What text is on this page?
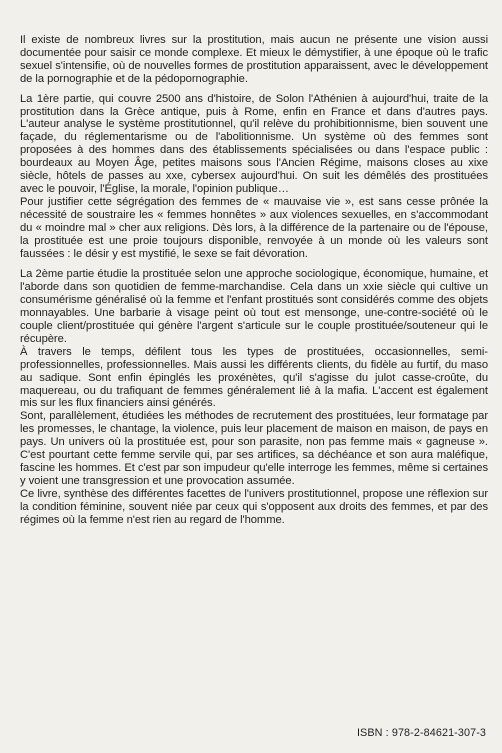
Il existe de nombreux livres sur la prostitution, mais aucun ne présente une vision aussi documentée pour saisir ce monde complexe. Et mieux le démystifier, à une époque où le trafic sexuel s'intensifie, où de nouvelles formes de prostitution apparaissent, avec le développement de la pornographie et de la pédopornographie.

La 1ère partie, qui couvre 2500 ans d'histoire, de Solon l'Athénien à aujourd'hui, traite de la prostitution dans la Grèce antique, puis à Rome, enfin en France et dans d'autres pays. L'auteur analyse le système prostitutionnel, qu'il relève du prohibitionnisme, bien souvent une façade, du réglementarisme ou de l'abolitionnisme. Un système où des femmes sont proposées à des hommes dans des établissements spécialisées ou dans l'espace public : bourdeaux au Moyen Âge, petites maisons sous l'Ancien Régime, maisons closes au xixe siècle, hôtels de passes au xxe, cybersex aujourd'hui. On suit les démêlés des prostituées avec le pouvoir, l'Église, la morale, l'opinion publique…

Pour justifier cette ségrégation des femmes de « mauvaise vie », est sans cesse prônée la nécessité de soustraire les « femmes honnêtes » aux violences sexuelles, en s'accommodant du « moindre mal » cher aux religions. Dès lors, à la différence de la partenaire ou de l'épouse, la prostituée est une proie toujours disponible, renvoyée à un monde où les valeurs sont faussées : le désir y est mystifié, le sexe se fait dévoration.

La 2ème partie étudie la prostituée selon une approche sociologique, économique, humaine, et l'aborde dans son quotidien de femme-marchandise. Cela dans un xxie siècle qui cultive un consumérisme généralisé où la femme et l'enfant prostitués sont considérés comme des objets monnayables. Une barbarie à visage peint où tout est mensonge, une-contre-société où le couple client/prostituée qui génère l'argent s'articule sur le couple prostituée/souteneur qui le récupère.

À travers le temps, défilent tous les types de prostituées, occasionnelles, semi-professionnelles, professionnelles. Mais aussi les différents clients, du fidèle au furtif, du maso au sadique. Sont enfin épinglés les proxénètes, qu'il s'agisse du julot casse-croûte, du maquereau, ou du trafiquant de femmes généralement lié à la mafia. L'accent est également mis sur les flux financiers ainsi générés.

Sont, parallèlement, étudiées les méthodes de recrutement des prostituées, leur formatage par les promesses, le chantage, la violence, puis leur placement de maison en maison, de pays en pays. Un univers où la prostituée est, pour son parasite, non pas femme mais « gagneuse ». C'est pourtant cette femme servile qui, par ses artifices, sa déchéance et son aura maléfique, fascine les hommes. Et c'est par son impudeur qu'elle interroge les femmes, même si certaines y voient une transgression et une provocation assumée.

Ce livre, synthèse des différentes facettes de l'univers prostitutionnel, propose une réflexion sur la condition féminine, souvent niée par ceux qui s'opposent aux droits des femmes, et par des régimes où la femme n'est rien au regard de l'homme.

ISBN : 978-2-84621-307-3
